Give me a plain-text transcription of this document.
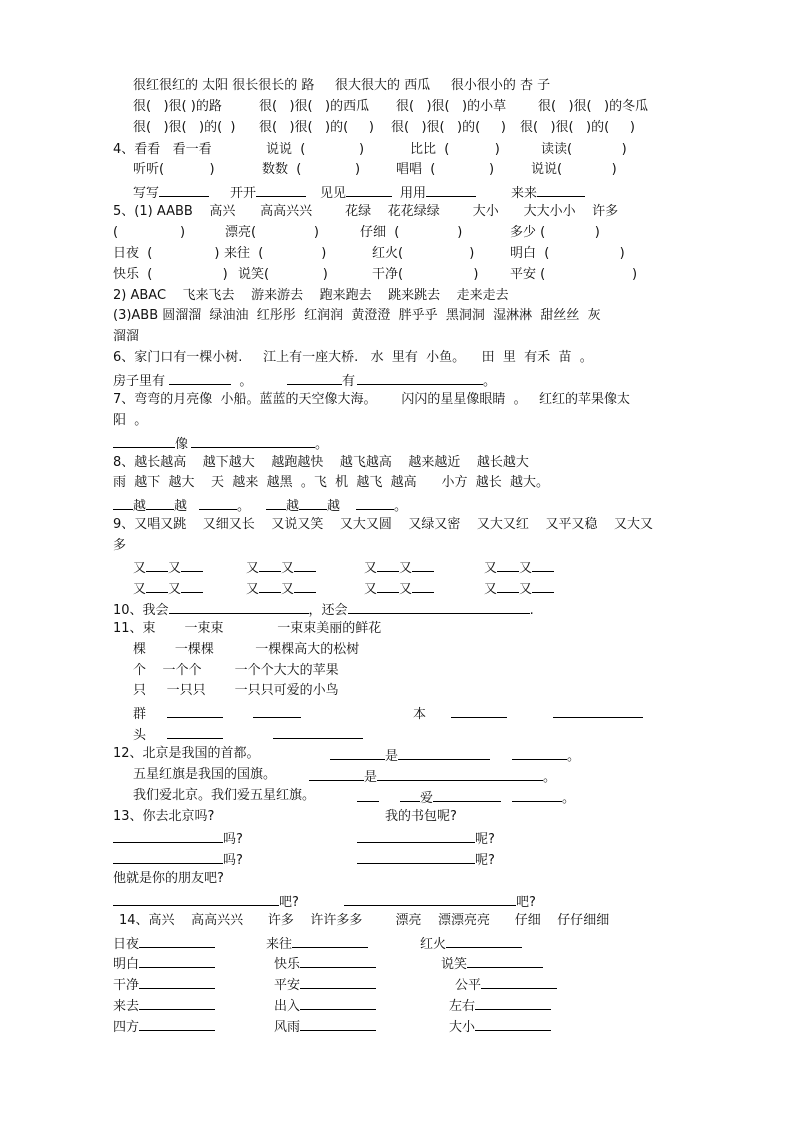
很红很红的 太阳 很长很长的 路     很大很大的 西瓜     很小很小的 杏 子
很(   )很( )的路	很(   )很(   )的西瓜 很(   )很(   )的小草 很(   )很(   )的冬瓜
很(   )很(   )的(  ) 很(   )很(   )的(     ) 很(   )很(   )的(     ) 很(   )很(   )的(     )
4、看看   看一看	说说  (             )	比比  (           )	读读(            )
听听(           )	数数  (             )	唱唱  (             )	说说(            )
写写	开开	见见	用用	来来
5、(1) AABB    高兴      高高兴兴        花绿    花花绿绿        大小      大大小小    许多
(               )	漂亮(              )	仔细  (              )	多少 (            )
日夜  (               ) 来往  (              )	红火(                )	明白  (                 )
快乐  (                 ) 说笑(             )	干净(                 ) 平安 (                     )
2) ABAC    飞来飞去    游来游去    跑来跑去    跳来跳去    走来走去
(3)ABB 圆溜溜  绿油油  红彤彤  红润润  黄澄澄  胖乎乎  黑洞洞  湿淋淋  甜丝丝  灰
溜溜
6、家门口有一棵小树.     江上有一座大桥.   水  里有  小鱼。    田  里  有禾  苗  。
房子里有	。	有	。
7、弯弯的月亮像  小船。蓝蓝的天空像大海。      闪闪的星星像眼睛  。   红红的苹果像太
阳  。
像	。
8、越长越高    越下越大    越跑越快    越飞越高    越来越近    越长越大
雨  越下  越大    天  越来  越黑  。飞  机  越飞  越高      小方  越长  越大。
越 越	。	越 越	。
9、又唱又跳    又细又长    又说又笑    又大又圆    又绿又密    又大又红    又平又稳    又大又
多
又 又	又 又	又 又	又 又
又 又	又 又	又 又	又 又
10、我会	，还会	.
11、束       一束束             一束束美丽的鲜花
棵       一棵棵          一棵棵高大的松树
个    一个个        一个个大大的苹果
只     一只只       一只只可爱的小鸟
群	本
头
12、北京是我国的首都。	是	。
五星红旗是我国的国旗。	是	。
我们爱北京。我们爱五星红旗。	爱	。
13、你去北京吗?	我的书包呢?
吗?	呢?
吗?	呢?
他就是你的朋友吧?
吧?	吧?
14、高兴    高高兴兴      许多    许许多多        漂亮    漂漂亮亮      仔细    仔仔细细
日夜	来往	红火
明白	快乐	说笑
干净	平安	公平
来去	出入	左右
四方	风雨	大小
